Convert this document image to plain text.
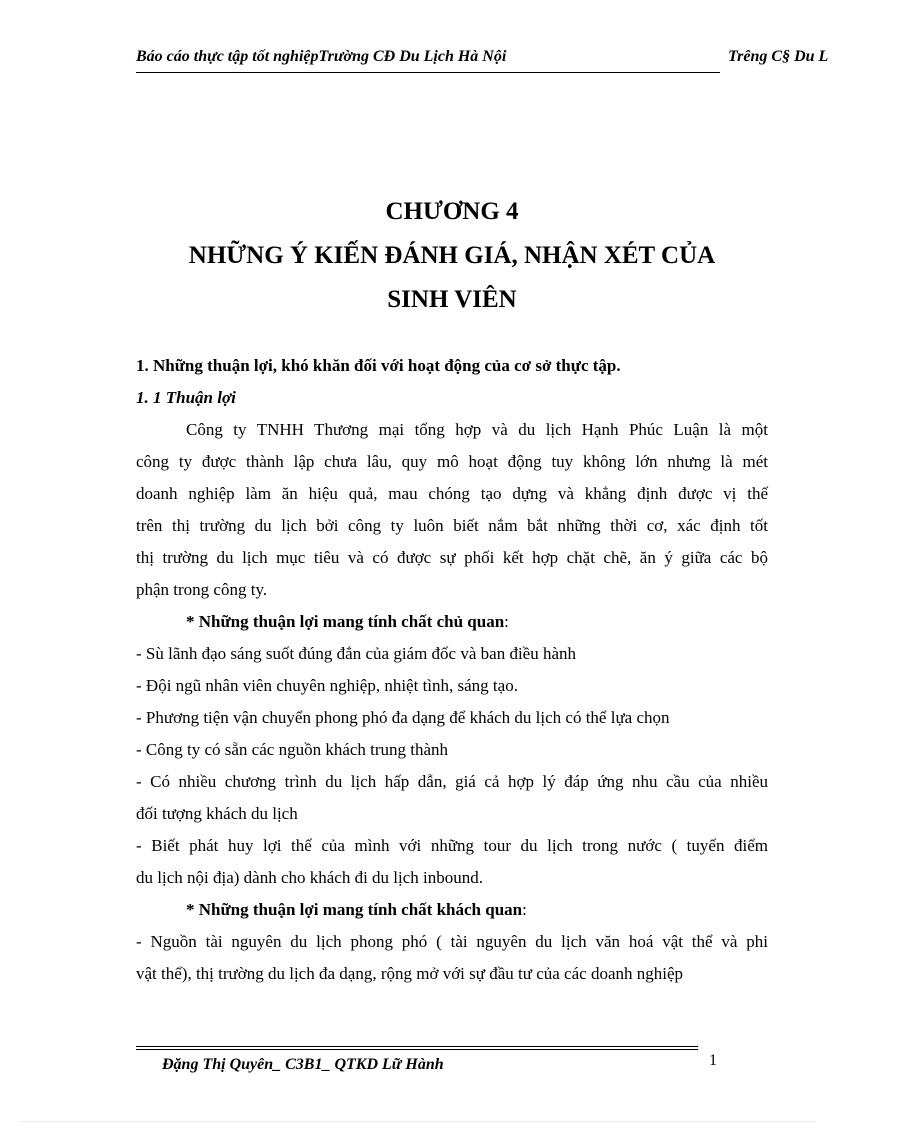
Báo cáo thực tập tốt nghiệpTrường CĐ Du Lịch Hà Nội	Trêng C§ Du L
CHƯƠNG 4
NHỮNG Ý KIẾN ĐÁNH GIÁ, NHẬN XÉT CỦA
SINH VIÊN
1. Những thuận lợi, khó khăn đối với hoạt động của cơ sở thực tập.
1. 1 Thuận lợi
Công ty TNHH Thương mại tổng hợp và du lịch Hạnh Phúc Luận là một
công ty được thành lập chưa lâu, quy mô hoạt động tuy không lớn nhưng là mét
doanh nghiệp làm ăn hiệu quả, mau chóng tạo dựng và khẳng định được vị thế
trên thị trường du lịch bởi công ty luôn biết nắm bắt những thời cơ, xác định tốt
thị trường du lịch mục tiêu và có được sự phối kết hợp chặt chẽ, ăn ý giữa các bộ
phận trong công ty.
* Những thuận lợi mang tính chất chủ quan:
- Sù lãnh đạo sáng suốt đúng đắn của giám đốc và ban điều hành
- Đội ngũ nhân viên chuyên nghiệp, nhiệt tình, sáng tạo.
- Phương tiện vận chuyển phong phó đa dạng để khách du lịch có thể lựa chọn
- Công ty có sẵn các nguồn khách trung thành
- Có nhiều chương trình du lịch hấp dẫn, giá cả hợp lý đáp ứng nhu cầu của nhiều
đối tượng khách du lịch
- Biết phát huy lợi thế của mình với những tour du lịch trong nước ( tuyến điểm
du lịch nội địa) dành cho khách đi du lịch inbound.
* Những thuận lợi mang tính chất khách quan:
- Nguồn tài nguyên du lịch phong phó ( tài nguyên du lịch văn hoá vật thể và phi
vật thể), thị trường du lịch đa dạng, rộng mở với sự đầu tư của các doanh nghiệp
Đặng Thị Quyên_ C3B1_ QTKD Lữ Hành	1
